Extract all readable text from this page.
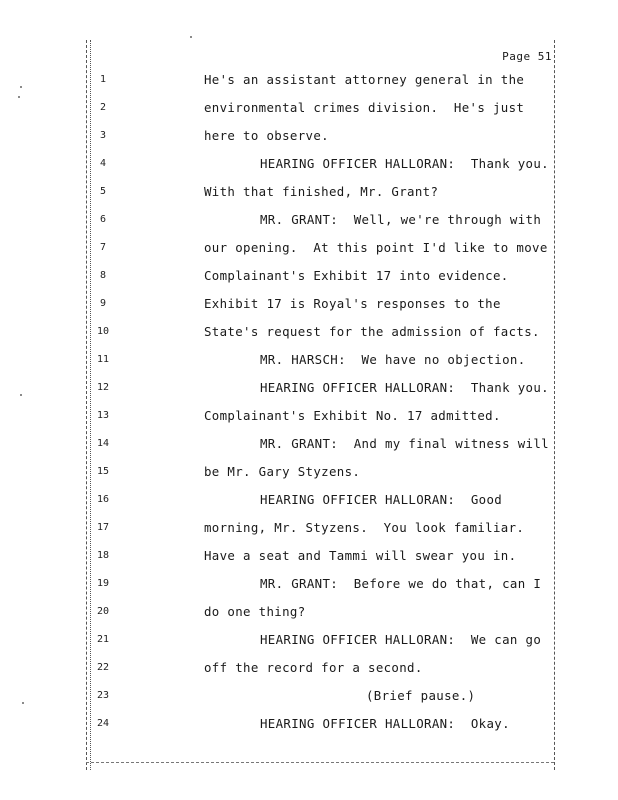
Page 51
1	He's an assistant attorney general in the
2	environmental crimes division.  He's just
3	here to observe.
4	HEARING OFFICER HALLORAN:  Thank you.
5	With that finished, Mr. Grant?
6	MR. GRANT:  Well, we're through with
7	our opening.  At this point I'd like to move
8	Complainant's Exhibit 17 into evidence.
9	Exhibit 17 is Royal's responses to the
10	State's request for the admission of facts.
11	MR. HARSCH:  We have no objection.
12	HEARING OFFICER HALLORAN:  Thank you.
13	Complainant's Exhibit No. 17 admitted.
14	MR. GRANT:  And my final witness will
15	be Mr. Gary Styzens.
16	HEARING OFFICER HALLORAN:  Good
17	morning, Mr. Styzens.  You look familiar.
18	Have a seat and Tammi will swear you in.
19	MR. GRANT:  Before we do that, can I
20	do one thing?
21	HEARING OFFICER HALLORAN:  We can go
22	off the record for a second.
23	(Brief pause.)
24	HEARING OFFICER HALLORAN:  Okay.
